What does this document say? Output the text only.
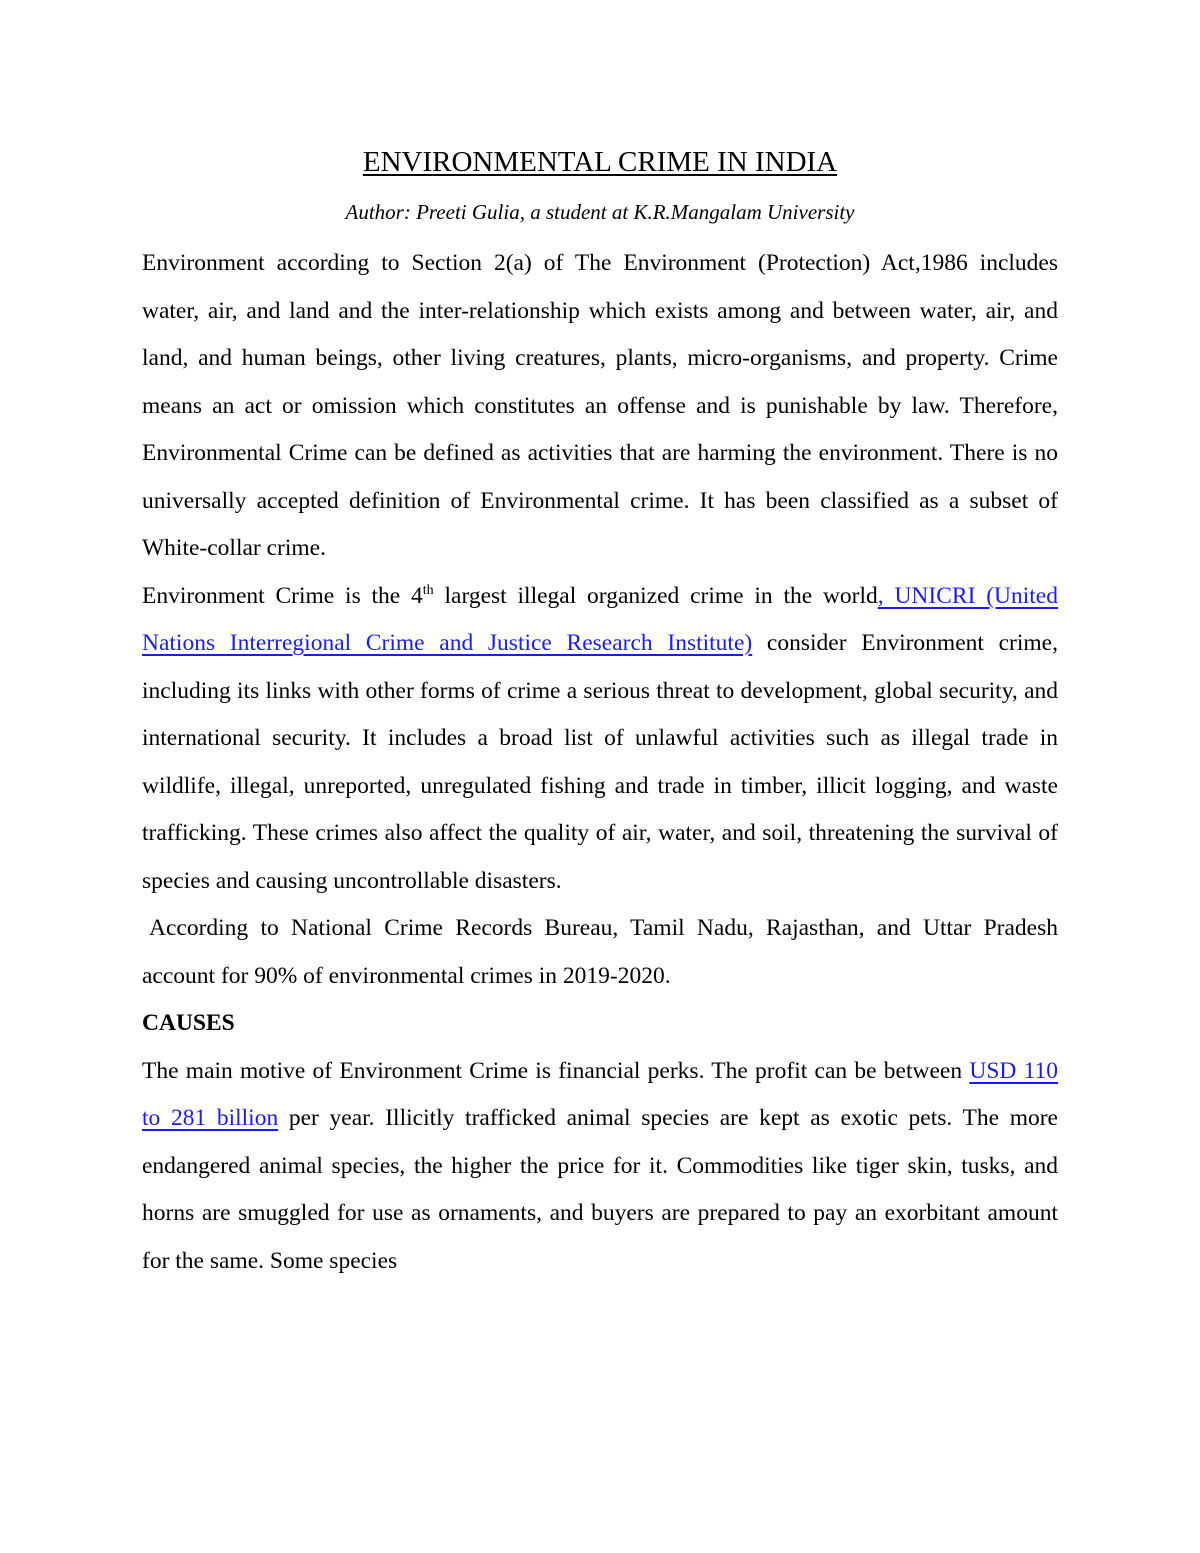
ENVIRONMENTAL CRIME IN INDIA

Author: Preeti Gulia, a student at K.R.Mangalam University

Environment according to Section 2(a) of The Environment (Protection) Act,1986 includes water, air, and land and the inter-relationship which exists among and between water, air, and land, and human beings, other living creatures, plants, micro-organisms, and property. Crime means an act or omission which constitutes an offense and is punishable by law. Therefore, Environmental Crime can be defined as activities that are harming the environment. There is no universally accepted definition of Environmental crime. It has been classified as a subset of White-collar crime.

Environment Crime is the 4th largest illegal organized crime in the world, UNICRI (United Nations Interregional Crime and Justice Research Institute) consider Environment crime, including its links with other forms of crime a serious threat to development, global security, and international security. It includes a broad list of unlawful activities such as illegal trade in wildlife, illegal, unreported, unregulated fishing and trade in timber, illicit logging, and waste trafficking. These crimes also affect the quality of air, water, and soil, threatening the survival of species and causing uncontrollable disasters.

According to National Crime Records Bureau, Tamil Nadu, Rajasthan, and Uttar Pradesh account for 90% of environmental crimes in 2019-2020.

CAUSES

The main motive of Environment Crime is financial perks. The profit can be between USD 110 to 281 billion per year. Illicitly trafficked animal species are kept as exotic pets. The more endangered animal species, the higher the price for it. Commodities like tiger skin, tusks, and horns are smuggled for use as ornaments, and buyers are prepared to pay an exorbitant amount for the same. Some species
